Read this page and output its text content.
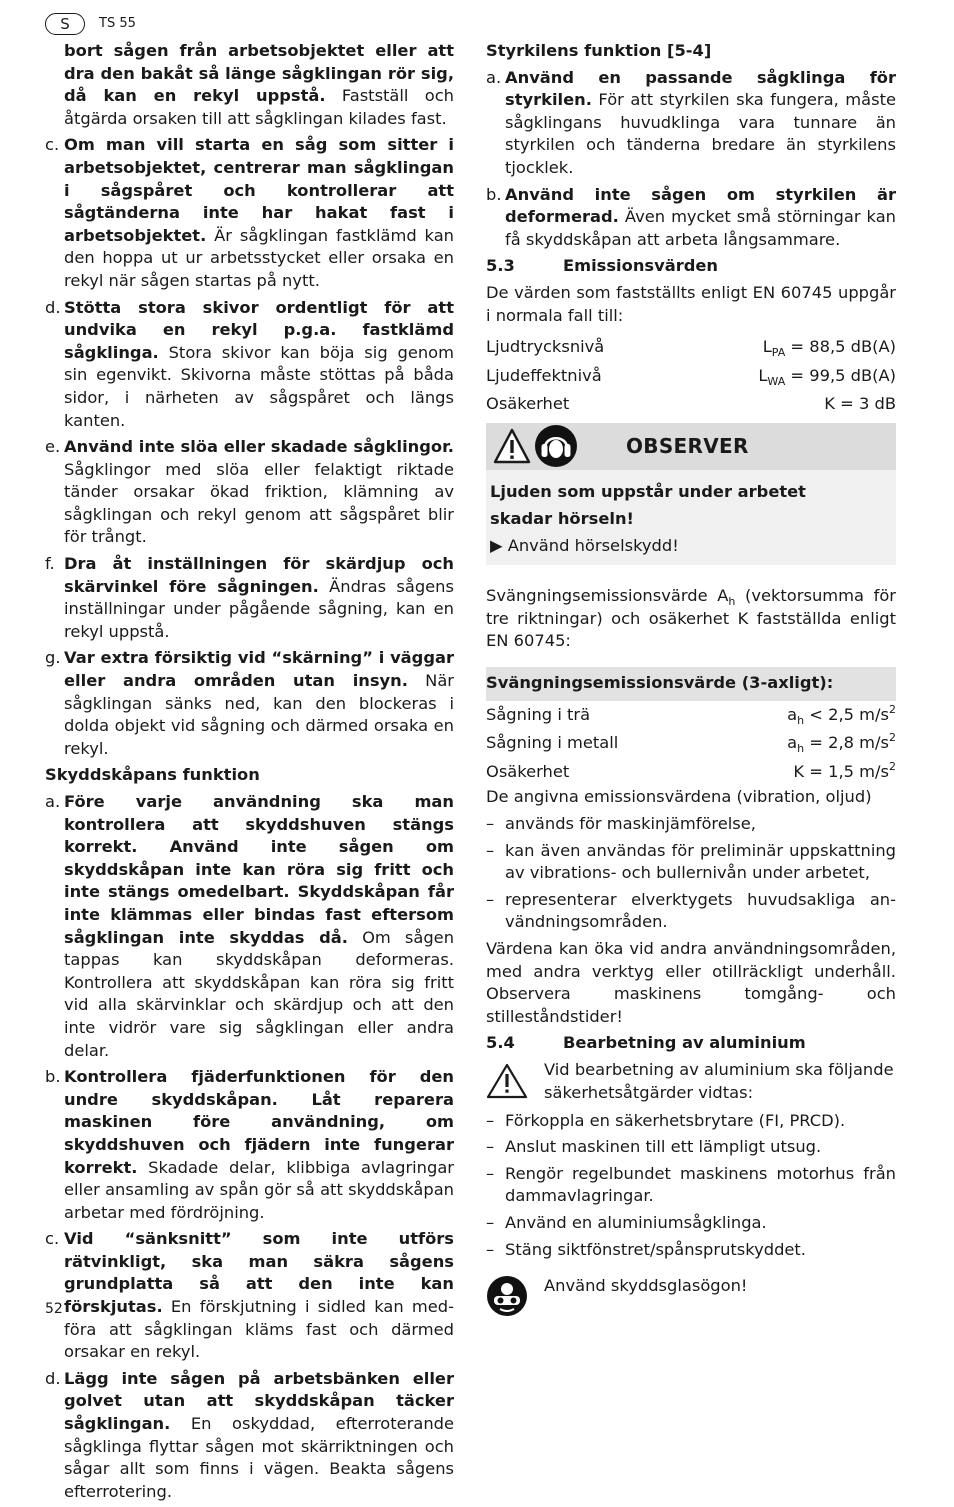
S	TS 55
bort sågen från arbetsobjektet eller att dra den bakåt så länge sågklingan rör sig, då kan en rekyl uppstå. Fastställ och åtgärda orsaken till att sågklingan kilades fast.
c. Om man vill starta en såg som sitter i arbetsobjektet, centrerar man sågklingan i sågspåret och kontrollerar att sågtänderna inte har hakat fast i arbetsobjektet. Är sågklingan fastklämd kan den hoppa ut ur arbetsstycket eller orsaka en rekyl när sågen startas på nytt.
d. Stötta stora skivor ordentligt för att undvika en rekyl p.g.a. fastklämd sågklinga. Stora skivor kan böja sig genom sin egenvikt. Skivorna måste stöttas på båda sidor, i närheten av sågspåret och längs kanten.
e. Använd inte slöa eller skadade sågklingor. Sågklingor med slöa eller felaktigt riktade tänder orsakar ökad friktion, klämning av sågklingan och rekyl genom att sågspåret blir för trångt.
f. Dra åt inställningen för skärdjup och skärvinkel före sågningen. Ändras sågens inställningar under pågående sågning, kan en rekyl uppstå.
g. Var extra försiktig vid “skärning” i väggar eller andra områden utan insyn. När sågklingan sänks ned, kan den blockeras i dolda objekt vid sågning och därmed orsaka en rekyl.
Skyddskåpans funktion
a. Före varje användning ska man kontrollera att skyddshuven stängs korrekt. Använd inte sågen om skyddskåpan inte kan röra sig fritt och inte stängs omedelbart. Skyddskåpan får inte klämmas eller bindas fast eftersom sågklingan inte skyddas då. Om sågen tappas kan skyddskåpan deformeras. Kontrollera att skyddskåpan kan röra sig fritt vid alla skärvinklar och skärdjup och att den inte vidrör vare sig sågklingan eller andra delar.
b. Kontrollera fjäderfunktionen för den undre skyddskåpan. Låt reparera maskinen före användning, om skyddshuven och fjädern inte fungerar korrekt. Skadade delar, klibbiga avlagringar eller ansamling av spån gör så att skyddskåpan arbetar med fördröjning.
c. Vid “sänksnitt” som inte utförs rätvinkligt, ska man säkra sågens grundplatta så att den inte kan förskjutas. En förskjutning i sidled kan medföra att sågklingan kläms fast och därmed orsakar en rekyl.
d. Lägg inte sågen på arbetsbänken eller golvet utan att skyddskåpan täcker sågklingan. En oskyddad, efterroterande sågklinga flyttar sågen mot skärriktningen och sågar allt som finns i vägen. Beakta sågens efterrotering.
Styrkilens funktion [5-4]
a. Använd en passande sågklinga för styrkilen. För att styrkilen ska fungera, måste sågklingans huvudklinga vara tunnare än styrkilen och tänderna bredare än styrkilens tjocklek.
b. Använd inte sågen om styrkilen är deformerad. Även mycket små störningar kan få skyddskåpan att arbeta långsammare.
5.3	Emissionsvärden
De värden som fastställts enligt EN 60745 uppgår i normala fall till:
Ljudtrycksnivå	$L_{PA} = 88,5$ dB(A)
Ljudeffektnivå	$L_{WA} = 99,5$ dB(A)
Osäkerhet	K = 3 dB
OBSERVER
Ljuden som uppstår under arbetet
skadar hörseln!
▶ Använd hörselskydd!
Svängningsemissionsvärde $A_h$ (vektorsumma för tre riktningar) och osäkerhet K fastställda enligt EN 60745:
Svängningsemissionsvärde (3-axligt):
Sågning i trä	$a_h < 2,5$ $m/s^2$
Sågning i metall	$a_h = 2,8$ $m/s^2$
Osäkerhet	K = 1,5 $m/s^2$
De angivna emissionsvärdena (vibration, oljud)
– används för maskinjämförelse,
– kan även användas för preliminär uppskattning av vibrations- och bullernivån under arbetet,
– representerar elverktygets huvudsakliga användningsområden.
Värdena kan öka vid andra användningsområden, med andra verktyg eller otillräckligt underhåll. Observera maskinens tomgång- och stilleståndstider!
5.4	Bearbetning av aluminium
Vid bearbetning av aluminium ska följande säkerhetsåtgärder vidtas:
– Förkoppla en säkerhetsbrytare (FI, PRCD).
– Anslut maskinen till ett lämpligt utsug.
– Rengör regelbundet maskinens motorhus från dammavlagringar.
– Använd en aluminiumsågklinga.
– Stäng siktfönstret/spånsprutskyddet.
Använd skyddsglasögon!
52
